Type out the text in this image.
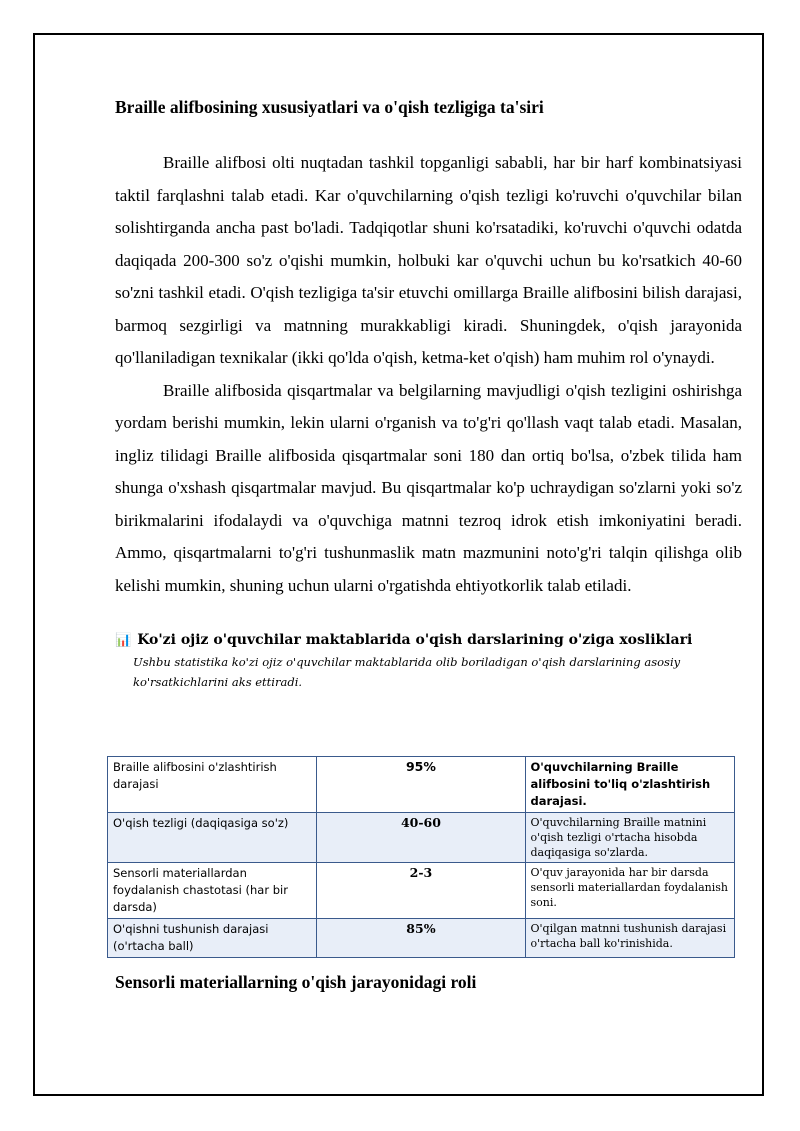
Braille alifbosining xususiyatlari va o'qish tezligiga ta'siri

Braille alifbosi olti nuqtadan tashkil topganligi sababli, har bir harf kombinatsiyasi taktil farqlashni talab etadi. Kar o'quvchilarning o'qish tezligi ko'ruvchi o'quvchilar bilan solishtirganda ancha past bo'ladi. Tadqiqotlar shuni ko'rsatadiki, ko'ruvchi o'quvchi odatda daqiqada 200-300 so'z o'qishi mumkin, holbuki kar o'quvchi uchun bu ko'rsatkich 40-60 so'zni tashkil etadi. O'qish tezligiga ta'sir etuvchi omillarga Braille alifbosini bilish darajasi, barmoq sezgirligi va matnning murakkabligi kiradi. Shuningdek, o'qish jarayonida qo'llaniladigan texnikalar (ikki qo'lda o'qish, ketma-ket o'qish) ham muhim rol o'ynaydi.

Braille alifbosida qisqartmalar va belgilarning mavjudligi o'qish tezligini oshirishga yordam berishi mumkin, lekin ularni o'rganish va to'g'ri qo'llash vaqt talab etadi. Masalan, ingliz tilidagi Braille alifbosida qisqartmalar soni 180 dan ortiq bo'lsa, o'zbek tilida ham shunga o'xshash qisqartmalar mavjud. Bu qisqartmalar ko'p uchraydigan so'zlarni yoki so'z birikmalarini ifodalaydi va o'quvchiga matnni tezroq idrok etish imkoniyatini beradi. Ammo, qisqartmalarni to'g'ri tushunmaslik matn mazmunini noto'g'ri talqin qilishga olib kelishi mumkin, shuning uchun ularni o'rgatishda ehtiyotkorlik talab etiladi.

📊 Ko'zi ojiz o'quvchilar maktablarida o'qish darslarining o'ziga xosliklari

Ushbu statistika ko'zi ojiz o'quvchilar maktablarida olib boriladigan o'qish darslarining asosiy ko'rsatkichlarini aks ettiradi.

Braille alifbosini o'zlashtirish darajasi	95%	O'quvchilarning Braille alifbosini to'liq o'zlashtirish darajasi.
O'qish tezligi (daqiqasiga so'z)	40-60	O'quvchilarning Braille matnini o'qish tezligi o'rtacha hisobda daqiqasiga so'zlarda.
Sensorli materiallardan foydalanish chastotasi (har bir darsda)	2-3	O'quv jarayonida har bir darsda sensorli materiallardan foydalanish soni.
O'qishni tushunish darajasi (o'rtacha ball)	85%	O'qilgan matnni tushunish darajasi o'rtacha ball ko'rinishida.
Sensorli materiallarning o'qish jarayonidagi roli
